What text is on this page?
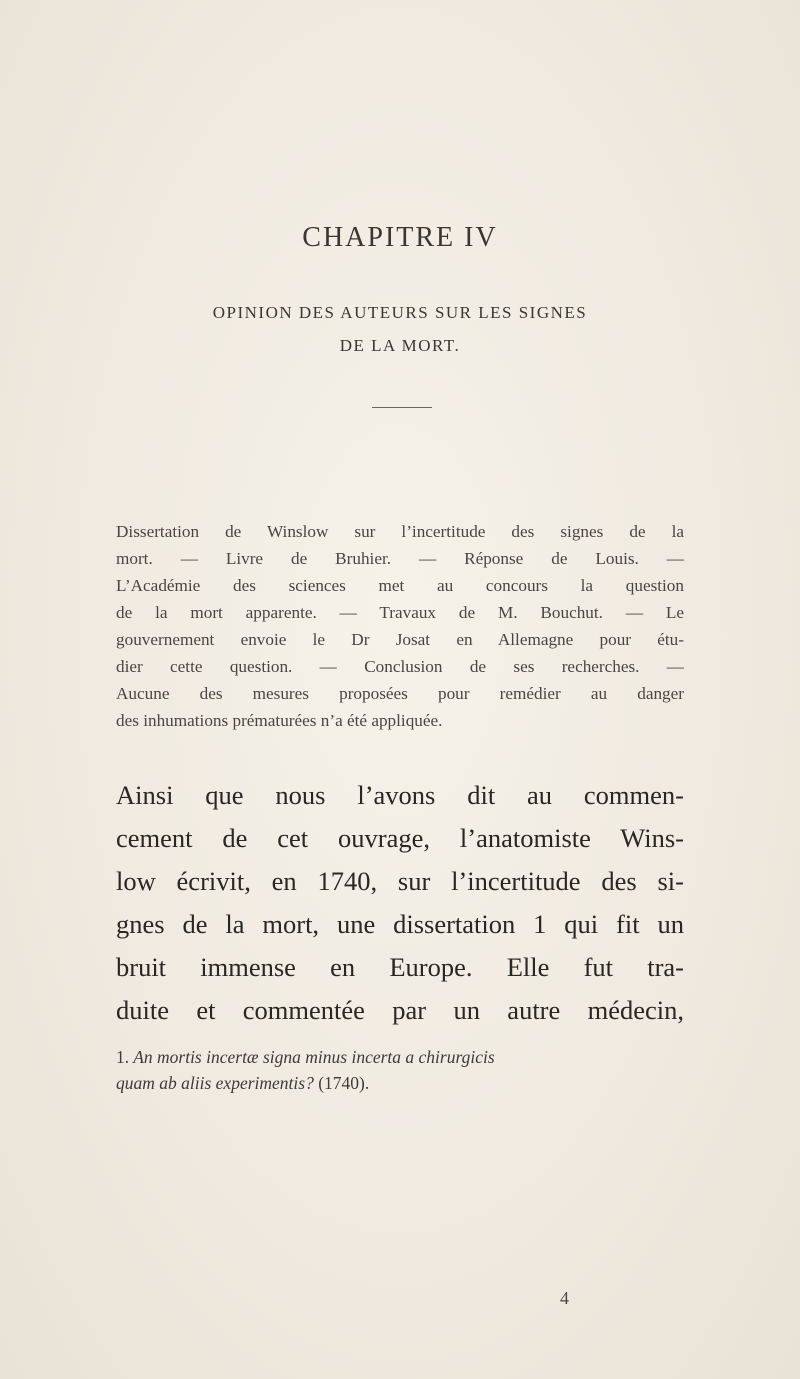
CHAPITRE IV
OPINION DES AUTEURS SUR LES SIGNES
DE LA MORT.
Dissertation de Winslow sur l’incertitude des signes de la
mort. — Livre de Bruhier. — Réponse de Louis. —
L’Académie des sciences met au concours la question
de la mort apparente. — Travaux de M. Bouchut. — Le
gouvernement envoie le Dr Josat en Allemagne pour étu-
dier cette question. — Conclusion de ses recherches. —
Aucune des mesures proposées pour remédier au danger
des inhumations prématurées n’a été appliquée.
Ainsi que nous l’avons dit au commen-
cement de cet ouvrage, l’anatomiste Wins-
low écrivit, en 1740, sur l’incertitude des si-
gnes de la mort, une dissertation 1 qui fit un
bruit immense en Europe. Elle fut tra-
duite et commentée par un autre médecin,
1. An mortis incertæ signa minus incerta a chirurgicis
quam ab aliis experimentis? (1740).
4
